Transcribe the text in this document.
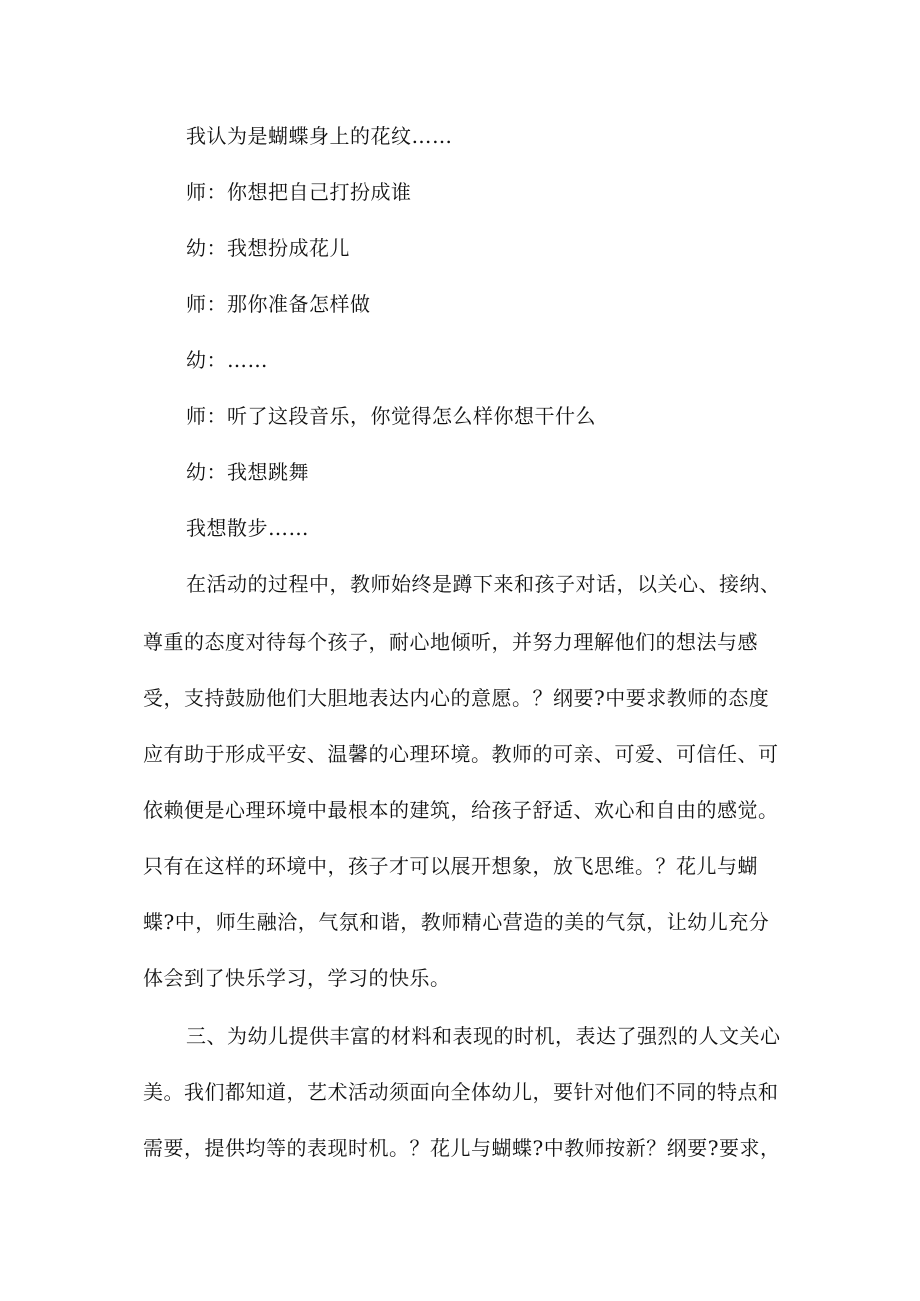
我认为是蝴蝶身上的花纹……
师：你想把自己打扮成谁
幼：我想扮成花儿
师：那你准备怎样做
幼：……
师：听了这段音乐，你觉得怎么样你想干什么
幼：我想跳舞
我想散步……
在活动的过程中，教师始终是蹲下来和孩子对话，以关心、接纳、
尊重的态度对待每个孩子，耐心地倾听，并努力理解他们的想法与感
受，支持鼓励他们大胆地表达内心的意愿。？纲要?中要求教师的态度
应有助于形成平安、温馨的心理环境。教师的可亲、可爱、可信任、可
依赖便是心理环境中最根本的建筑，给孩子舒适、欢心和自由的感觉。
只有在这样的环境中，孩子才可以展开想象，放飞思维。？花儿与蝴
蝶?中，师生融洽，气氛和谐，教师精心营造的美的气氛，让幼儿充分
体会到了快乐学习，学习的快乐。
三、为幼儿提供丰富的材料和表现的时机，表达了强烈的人文关心
美。我们都知道，艺术活动须面向全体幼儿，要针对他们不同的特点和
需要，提供均等的表现时机。？花儿与蝴蝶?中教师按新？纲要?要求，
